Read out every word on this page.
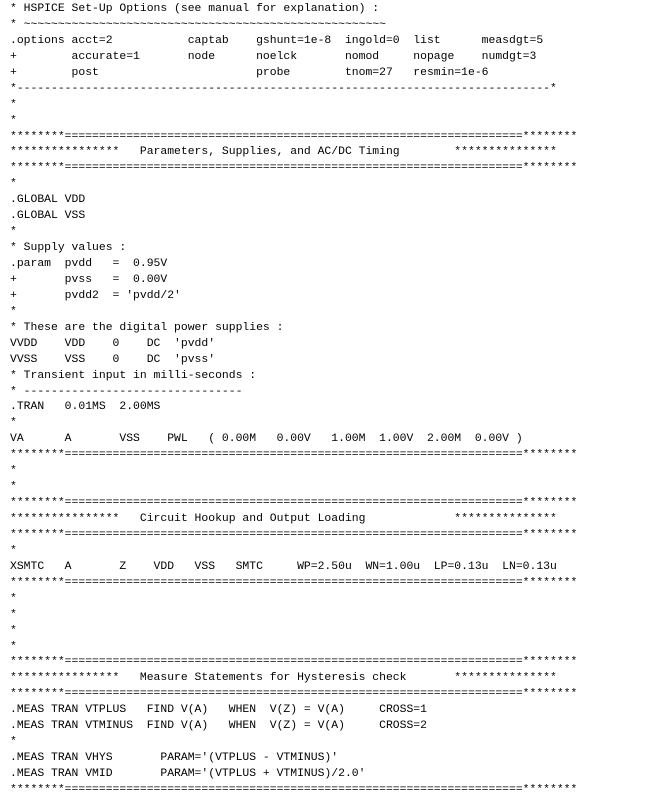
* HSPICE Set-Up Options (see manual for explanation) :
* ~~~~~~~~~~~~~~~~~~~~~~~~~~~~~~~~~~~~~~~~~~~~~~~~~~~~~
.options acct=2           captab    gshunt=1e-8  ingold=0  list      measdgt=5
+        accurate=1       node      noelck       nomod     nopage    numdgt=3
+        post                       probe        tnom=27   resmin=1e-6
*------------------------------------------------------------------------------*
*
*
********===================================================================********
****************   Parameters, Supplies, and AC/DC Timing        ***************
********===================================================================********
*
.GLOBAL VDD
.GLOBAL VSS
*
* Supply values :
.param  pvdd   =  0.95V
+       pvss   =  0.00V
+       pvdd2  = 'pvdd/2'
*
* These are the digital power supplies :
VVDD    VDD    0    DC  'pvdd'
VVSS    VSS    0    DC  'pvss'
* Transient input in milli-seconds :
* --------------------------------
.TRAN   0.01MS  2.00MS
*
VA      A       VSS    PWL   ( 0.00M   0.00V   1.00M  1.00V  2.00M  0.00V )
********===================================================================********
*
*
********===================================================================********
****************   Circuit Hookup and Output Loading             ***************
********===================================================================********
*
XSMTC   A       Z    VDD   VSS   SMTC     WP=2.50u  WN=1.00u  LP=0.13u  LN=0.13u
********===================================================================********
*
*
*
*
********===================================================================********
****************   Measure Statements for Hysteresis check       ***************
********===================================================================********
.MEAS TRAN VTPLUS   FIND V(A)   WHEN  V(Z) = V(A)     CROSS=1
.MEAS TRAN VTMINUS  FIND V(A)   WHEN  V(Z) = V(A)     CROSS=2
*
.MEAS TRAN VHYS       PARAM='(VTPLUS - VTMINUS)'
.MEAS TRAN VMID       PARAM='(VTPLUS + VTMINUS)/2.0'
********===================================================================********
